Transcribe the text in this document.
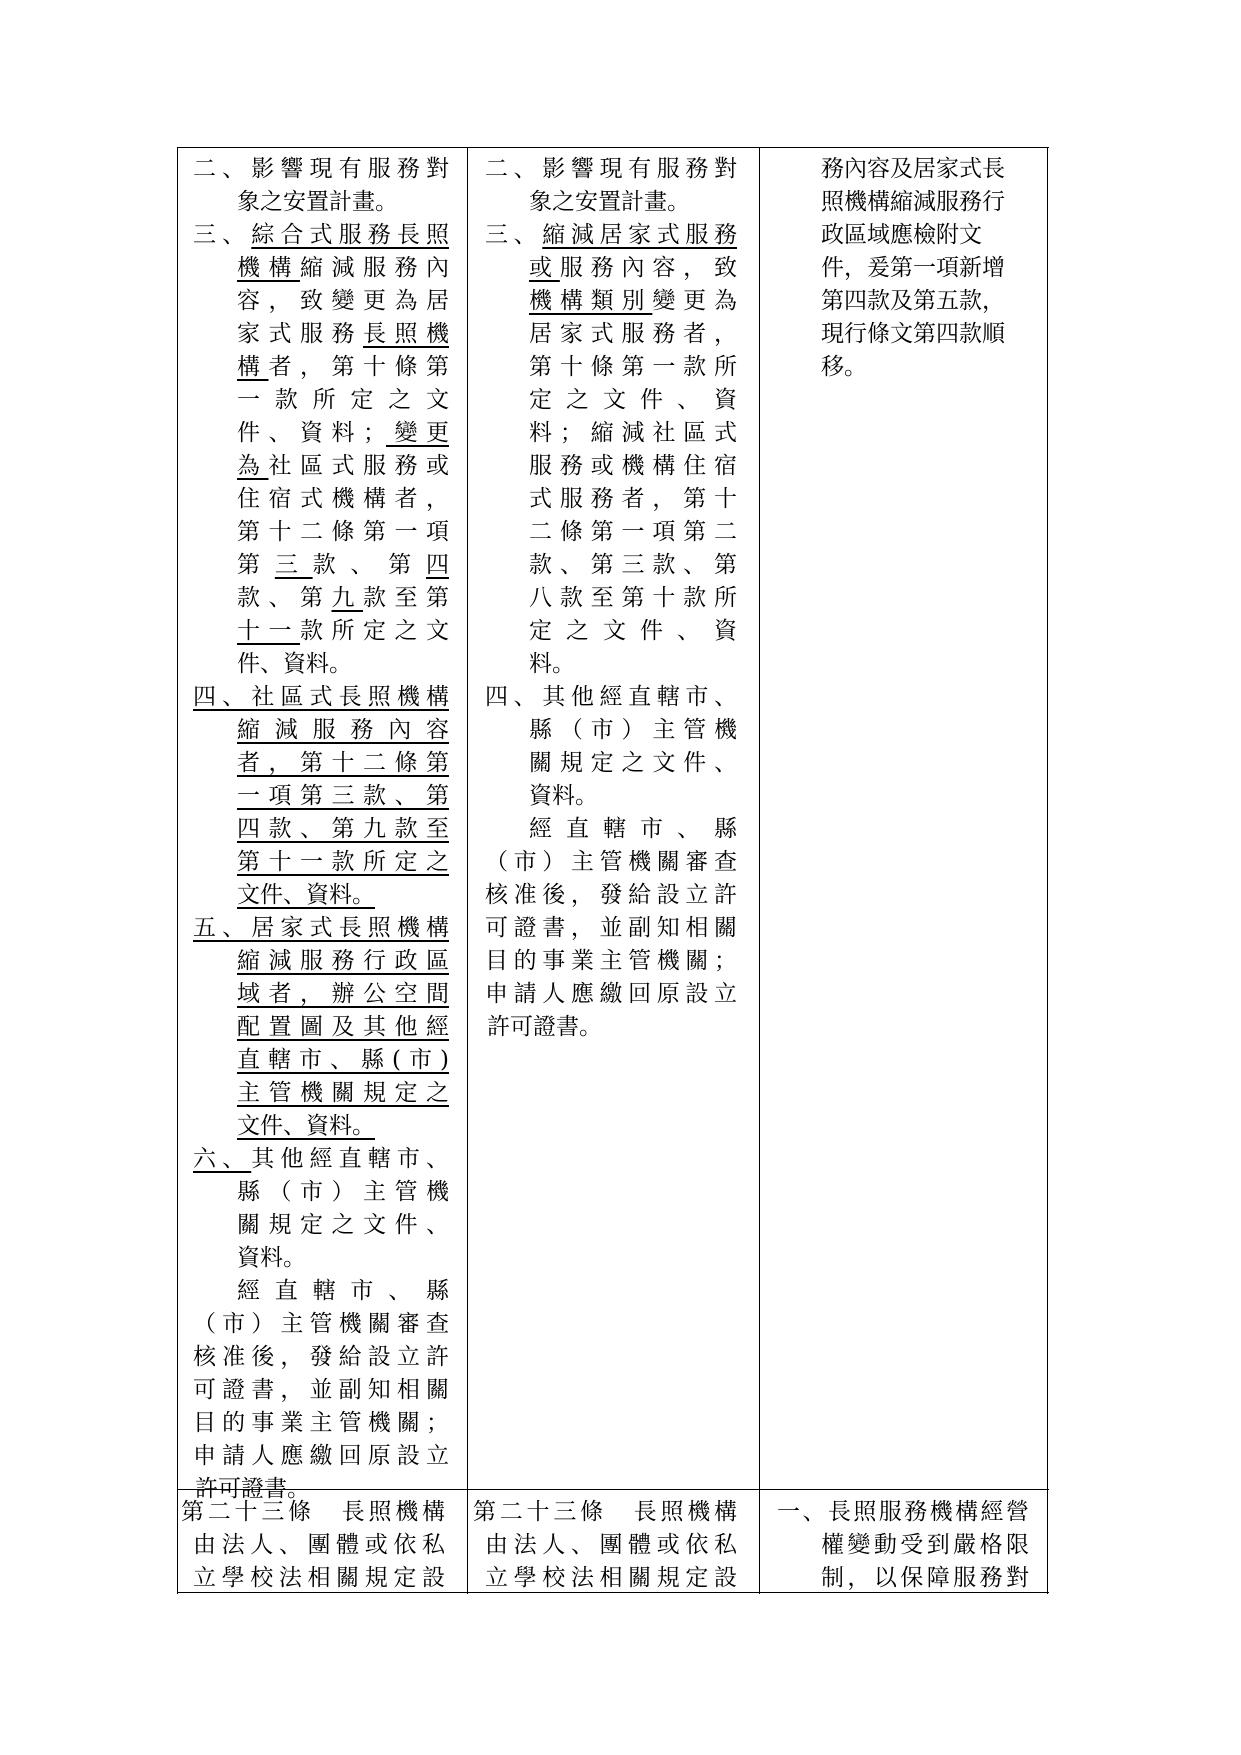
二、影響現有服務對
象之安置計畫。
三、綜合式服務長照
機構縮減服務內
容，致變更為居
家式服務長照機
構者，第十條第
一款所定之文
件、資料；變更
為社區式服務或
住宿式機構者，
第十二條第一項
第三款、第四
款、第九款至第
十一款所定之文
件、資料。
四、社區式長照機構
縮減服務內容
者，第十二條第
一項第三款、第
四款、第九款至
第十一款所定之
文件、資料。
五、居家式長照機構
縮減服務行政區
域者，辦公空間
配置圖及其他經
直轄市、縣(市)
主管機關規定之
文件、資料。
六、其他經直轄市、
縣（市）主管機
關規定之文件、
資料。
經直轄市、縣
（市）主管機關審查
核准後，發給設立許
可證書，並副知相關
目的事業主管機關；
申請人應繳回原設立
許可證書。
二、影響現有服務對
象之安置計畫。
三、縮減居家式服務
或服務內容，致
機構類別變更為
居家式服務者，
第十條第一款所
定之文件、資
料；縮減社區式
服務或機構住宿
式服務者，第十
二條第一項第二
款、第三款、第
八款至第十款所
定之文件、資
料。
四、其他經直轄市、
縣（市）主管機
關規定之文件、
資料。
經直轄市、縣
（市）主管機關審查
核准後，發給設立許
可證書，並副知相關
目的事業主管機關；
申請人應繳回原設立
許可證書。
務內容及居家式長
照機構縮減服務行
政區域應檢附文
件，爰第一項新增
第四款及第五款，
現行條文第四款順
移。
第二十三條　長照機構
由法人、團體或依私
立學校法相關規定設
第二十三條　長照機構
由法人、團體或依私
立學校法相關規定設
一、長照服務機構經營
權變動受到嚴格限
制，以保障服務對
